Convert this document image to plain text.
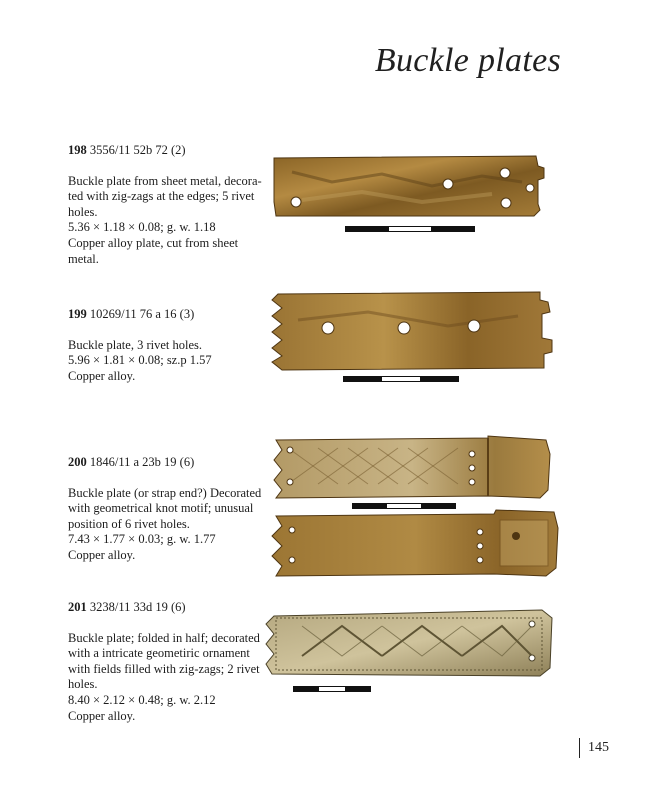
Buckle plates
198 3556/11 52b 72 (2)
Buckle plate from sheet metal, decora-
ted with zig-zags at the edges; 5 rivet
holes.
5.36 × 1.18 × 0.08; g. w. 1.18
Copper alloy plate, cut from sheet
metal.
199 10269/11 76 a 16 (3)
Buckle plate, 3 rivet holes.
5.96 × 1.81 × 0.08; sz.p 1.57
Copper alloy.
200 1846/11 a 23b 19 (6)
Buckle plate (or strap end?) Decorated
with geometrical knot motif; unusual
position of 6 rivet holes.
7.43 × 1.77 × 0.03; g. w. 1.77
Copper alloy.
201 3238/11 33d 19 (6)
Buckle plate; folded in half; decorated
with a intricate geometiric ornament
with fields filled with zig-zags; 2 rivet
holes.
8.40 × 2.12 × 0.48; g. w. 2.12
Copper alloy.
145
